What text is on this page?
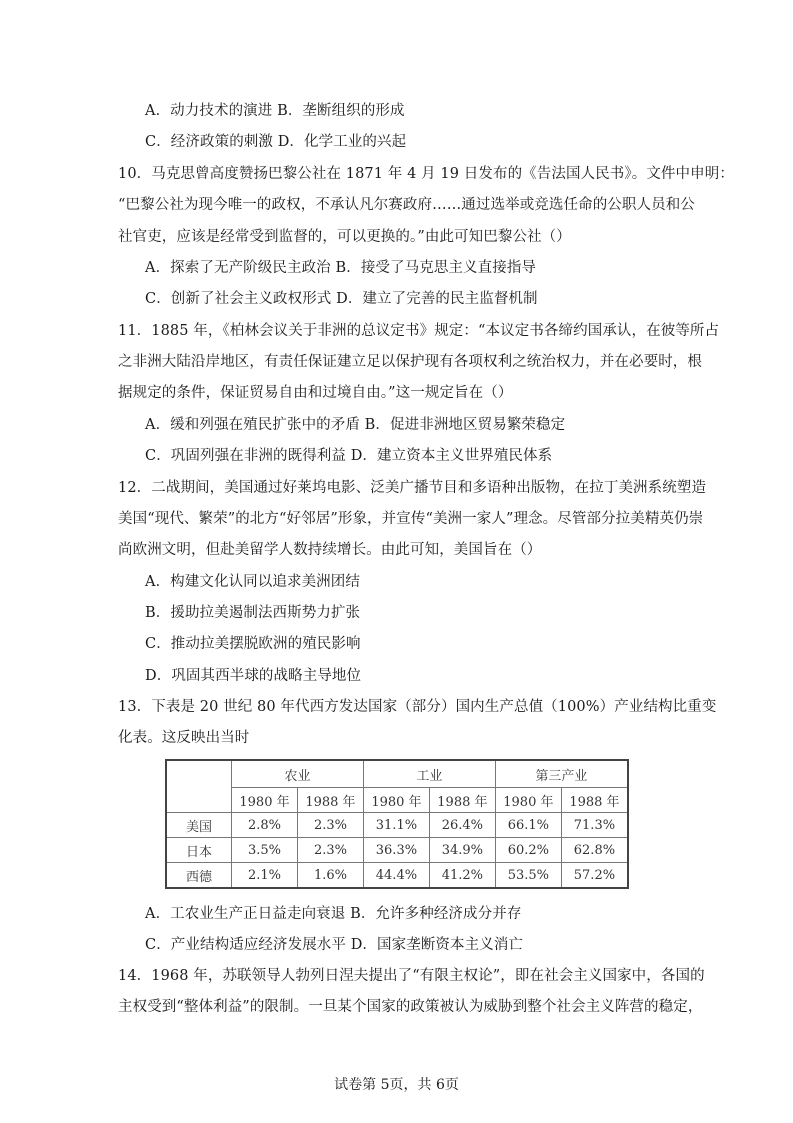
A．动力技术的演进 B．垄断组织的形成
C．经济政策的刺激 D．化学工业的兴起
10．马克思曾高度赞扬巴黎公社在 1871 年 4 月 19 日发布的《告法国人民书》。文件中申明：
“巴黎公社为现今唯一的政权，不承认凡尔赛政府……通过选举或竞选任命的公职人员和公
社官吏，应该是经常受到监督的，可以更换的。”由此可知巴黎公社（）
A．探索了无产阶级民主政治 B．接受了马克思主义直接指导
C．创新了社会主义政权形式 D．建立了完善的民主监督机制
11．1885 年，《柏林会议关于非洲的总议定书》规定：“本议定书各缔约国承认，在彼等所占
之非洲大陆沿岸地区，有责任保证建立足以保护现有各项权利之统治权力，并在必要时，根
据规定的条件，保证贸易自由和过境自由。”这一规定旨在（）
A．缓和列强在殖民扩张中的矛盾 B．促进非洲地区贸易繁荣稳定
C．巩固列强在非洲的既得利益 D．建立资本主义世界殖民体系
12．二战期间，美国通过好莱坞电影、泛美广播节目和多语种出版物，在拉丁美洲系统塑造
美国“现代、繁荣”的北方“好邻居”形象，并宣传“美洲一家人”理念。尽管部分拉美精英仍崇
尚欧洲文明，但赴美留学人数持续增长。由此可知，美国旨在（）
A．构建文化认同以追求美洲团结
B．援助拉美遏制法西斯势力扩张
C．推动拉美摆脱欧洲的殖民影响
D．巩固其西半球的战略主导地位
13．下表是 20 世纪 80 年代西方发达国家（部分）国内生产总值（100%）产业结构比重变
化表。这反映出当时
	农业		工业		第三产业	
	1980 年	1988 年	1980 年	1988 年	1980 年	1988 年
美国	2.8%	2.3%	31.1%	26.4%	66.1%	71.3%
日本	3.5%	2.3%	36.3%	34.9%	60.2%	62.8%
西德	2.1%	1.6%	44.4%	41.2%	53.5%	57.2%
A．工农业生产正日益走向衰退 B．允许多种经济成分并存
C．产业结构适应经济发展水平 D．国家垄断资本主义消亡
14．1968 年，苏联领导人勃列日涅夫提出了“有限主权论”，即在社会主义国家中，各国的
主权受到“整体利益”的限制。一旦某个国家的政策被认为威胁到整个社会主义阵营的稳定，
试卷第 5页，共 6页
